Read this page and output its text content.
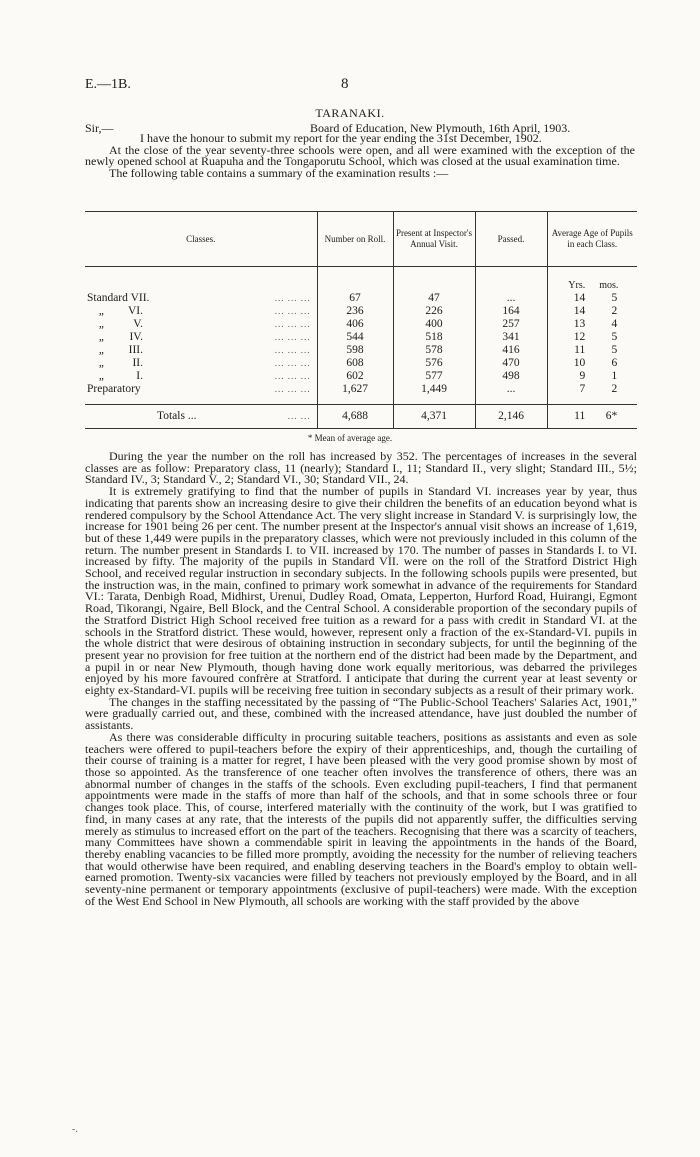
E.—1B.	8
TARANAKI.
Sir,—	Board of Education, New Plymouth, 16th April, 1903.

I have the honour to submit my report for the year ending the 31st December, 1902.

At the close of the year seventy-three schools were open, and all were examined with the exception of the newly opened school at Ruapuha and the Tongaporutu School, which was closed at the usual examination time.

The following table contains a summary of the examination results :—

Classes.	Number on Roll.	Present at Inspector's Annual Visit.	Passed.	Average Age of Pupils in each Class.

				Yrs. mos.

Standard VII. ... ... ...	67	47	...	14 5

„ VI. ... ... ...	236	226	164	14 2

„ V. ... ... ...	406	400	257	13 4

„ IV. ... ... ...	544	518	341	12 5

„ III. ... ... ...	598	578	416	11 5

„ II. ... ... ...	608	576	470	10 6

„ I. ... ... ...	602	577	498	9 1

Preparatory ... ... ...	1,627	1,449	...	7 2

Totals ... ... ...	4,688	4,371	2,146	11 6*
* Mean of average age.

During the year the number on the roll has increased by 352. The percentages of increases in the several classes are as follow: Preparatory class, 11 (nearly); Standard I., 11; Standard II., very slight; Standard III., 5½; Standard IV., 3; Standard V., 2; Standard VI., 30; Standard VII., 24.

It is extremely gratifying to find that the number of pupils in Standard VI. increases year by year, thus indicating that parents show an increasing desire to give their children the benefits of an education beyond what is rendered compulsory by the School Attendance Act. The very slight increase in Standard V. is surprisingly low, the increase for 1901 being 26 per cent. The number present at the Inspector's annual visit shows an increase of 1,619, but of these 1,449 were pupils in the preparatory classes, which were not previously included in this column of the return. The number present in Standards I. to VII. increased by 170. The number of passes in Standards I. to VI. increased by fifty. The majority of the pupils in Standard VII. were on the roll of the Stratford District High School, and received regular instruction in secondary subjects. In the following schools pupils were presented, but the instruction was, in the main, confined to primary work somewhat in advance of the requirements for Standard VI.: Tarata, Denbigh Road, Midhirst, Urenui, Dudley Road, Omata, Lepperton, Hurford Road, Huirangi, Egmont Road, Tikorangi, Ngaire, Bell Block, and the Central School. A considerable proportion of the secondary pupils of the Stratford District High School received free tuition as a reward for a pass with credit in Standard VI. at the schools in the Stratford district. These would, however, represent only a fraction of the ex-Standard-VI. pupils in the whole district that were desirous of obtaining instruction in secondary subjects, for until the beginning of the present year no provision for free tuition at the northern end of the district had been made by the Department, and a pupil in or near New Plymouth, though having done work equally meritorious, was debarred the privileges enjoyed by his more favoured confrère at Stratford. I anticipate that during the current year at least seventy or eighty ex-Standard-VI. pupils will be receiving free tuition in secondary subjects as a result of their primary work.

The changes in the staffing necessitated by the passing of “The Public-School Teachers' Salaries Act, 1901,” were gradually carried out, and these, combined with the increased attendance, have just doubled the number of assistants.

As there was considerable difficulty in procuring suitable teachers, positions as assistants and even as sole teachers were offered to pupil-teachers before the expiry of their apprenticeships, and, though the curtailing of their course of training is a matter for regret, I have been pleased with the very good promise shown by most of those so appointed. As the transference of one teacher often involves the transference of others, there was an abnormal number of changes in the staffs of the schools. Even excluding pupil-teachers, I find that permanent appointments were made in the staffs of more than half of the schools, and that in some schools three or four changes took place. This, of course, interfered materially with the continuity of the work, but I was gratified to find, in many cases at any rate, that the interests of the pupils did not apparently suffer, the difficulties serving merely as stimulus to increased effort on the part of the teachers. Recognising that there was a scarcity of teachers, many Committees have shown a commendable spirit in leaving the appointments in the hands of the Board, thereby enabling vacancies to be filled more promptly, avoiding the necessity for the number of relieving teachers that would otherwise have been required, and enabling deserving teachers in the Board's employ to obtain well-earned promotion. Twenty-six vacancies were filled by teachers not previously employed by the Board, and in all seventy-nine permanent or temporary appointments (exclusive of pupil-teachers) were made. With the exception of the West End School in New Plymouth, all schools are working with the staff provided by the above

-.
